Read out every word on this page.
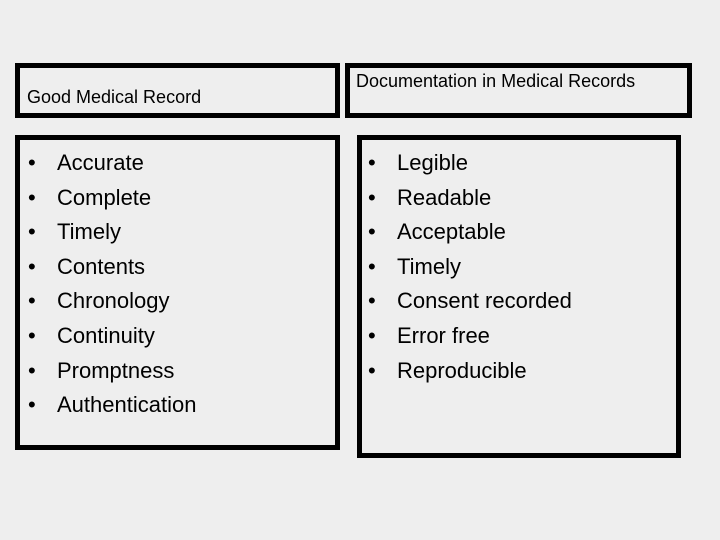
Good Medical Record
Documentation in Medical Records
• Accurate
• Complete
• Timely
• Contents
• Chronology
• Continuity
• Promptness
• Authentication
• Legible
• Readable
• Acceptable
• Timely
• Consent recorded
• Error free
• Reproducible
